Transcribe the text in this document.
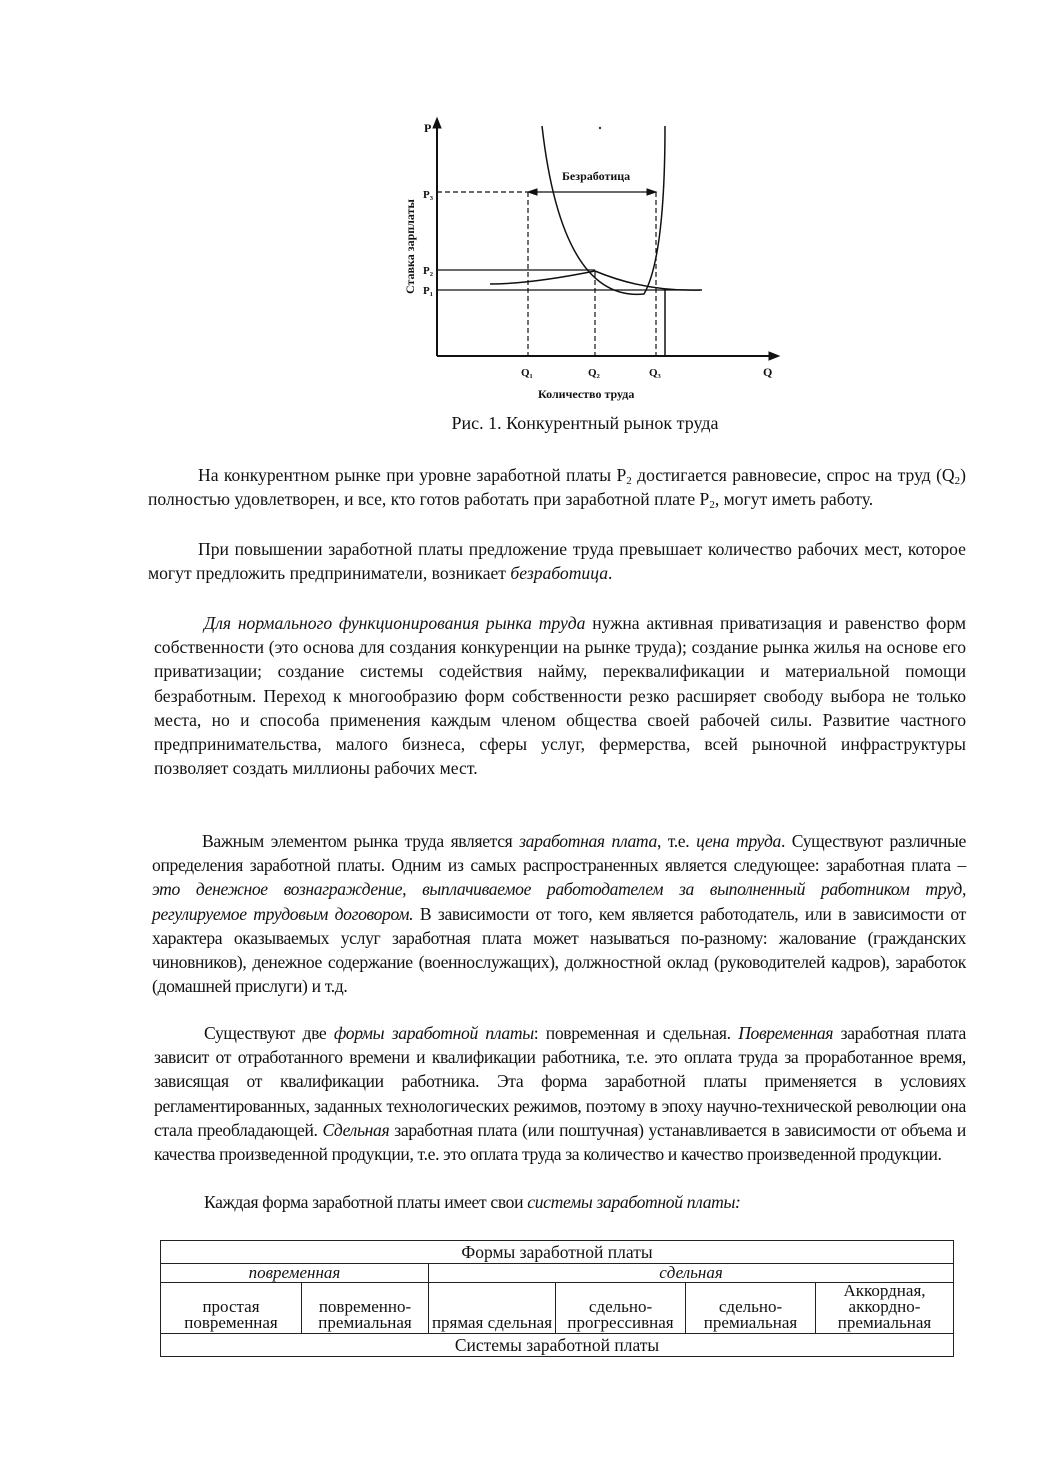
P
P₃
P₂
P₁
Ставка зарплаты
Безработица
Q₁	Q₂	Q₃	Q
Количество труда
Рис. 1. Конкурентный рынок труда

На конкурентном рынке при уровне заработной платы $P_2$ достигается равновесие, спрос на труд $(Q_2)$ полностью удовлетворен, и все, кто готов работать при заработной плате $P_2$, могут иметь работу.

При повышении заработной платы предложение труда превышает количество рабочих мест, которое могут предложить предприниматели, возникает безработица.

Для нормального функционирования рынка труда нужна активная приватизация и равенство форм собственности (это основа для создания конкуренции на рынке труда); создание рынка жилья на основе его приватизации; создание системы содействия найму, переквалификации и материальной помощи безработным. Переход к многообразию форм собственности резко расширяет свободу выбора не только места, но и способа применения каждым членом общества своей рабочей силы. Развитие частного предпринимательства, малого бизнеса, сферы услуг, фермерства, всей рыночной инфраструктуры позволяет создать миллионы рабочих мест.

Важным элементом рынка труда является заработная плата, т.е. цена труда. Существуют различные определения заработной платы. Одним из самых распространенных является следующее: заработная плата – это денежное вознаграждение, выплачиваемое работодателем за выполненный работником труд, регулируемое трудовым договором. В зависимости от того, кем является работодатель, или в зависимости от характера оказываемых услуг заработная плата может называться по-разному: жалование (гражданских чиновников), денежное содержание (военнослужащих), должностной оклад (руководителей кадров), заработок (домашней прислуги) и т.д.

Существуют две формы заработной платы: повременная и сдельная. Повременная заработная плата зависит от отработанного времени и квалификации работника, т.е. это оплата труда за проработанное время, зависящая от квалификации работника. Эта форма заработной платы применяется в условиях регламентированных, заданных технологических режимов, поэтому в эпоху научно-технической революции она стала преобладающей. Сдельная заработная плата (или поштучная) устанавливается в зависимости от объема и качества произведенной продукции, т.е. это оплата труда за количество и качество произведенной продукции.

Каждая форма заработной платы имеет свои системы заработной платы:

Формы заработной платы					
повременная		сдельная			
простая повременная	повременно-премиальная	прямая сдельная	сдельно-прогрессивная	сдельно-премиальная	Аккордная, аккордно-премиальная
Системы заработной платы					
